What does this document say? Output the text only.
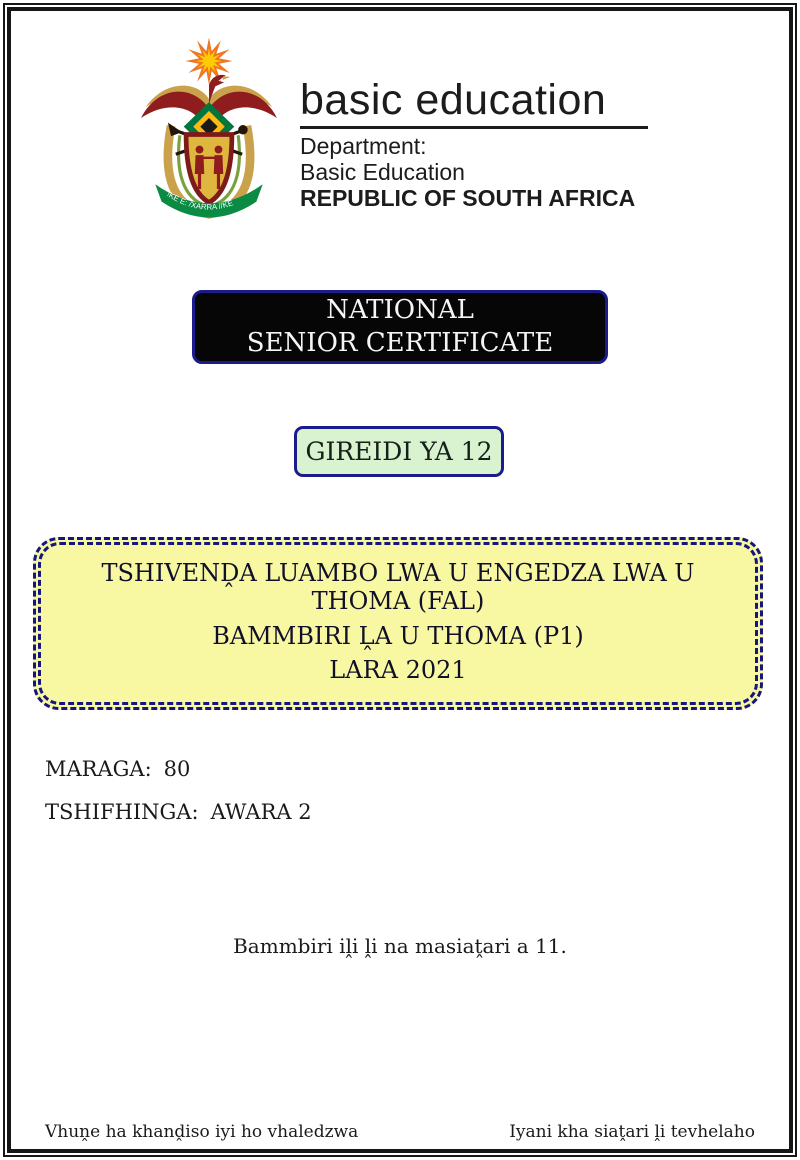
!KE E: /XARRA //KE
basic education
Department:
Basic Education
REPUBLIC OF SOUTH AFRICA
NATIONAL
SENIOR CERTIFICATE
GIREIDI YA 12
TSHIVENḒA LUAMBO LWA U ENGEDZA LWA U THOMA (FAL)
BAMMBIRI ḼA U THOMA (P1)
LARA 2021
MARAGA: 80
TSHIFHINGA: AWARA 2
Bammbiri iḽi ḽi na masiaṱari a 11.
Vhuṋe ha khanḓiso iyi ho vhaledzwa	Iyani kha siaṱari ḽi tevhelaho
